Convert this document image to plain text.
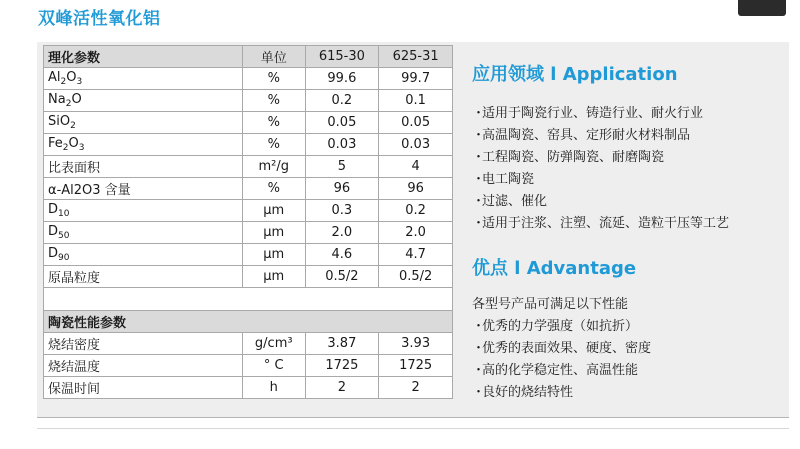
双峰活性氧化铝
理化参数	单位	615-30	625-31
$Al_2O_3$	%	99.6	99.7
$Na_2O$	%	0.2	0.1
SiO$_2$	%	0.05	0.05
$Fe_2O_3$	%	0.03	0.03
比表面积	m²/g	5	4
α-Al2O3 含量	%	96	96
$D_{10}$	μm	0.3	0.2
$D_{50}$	μm	2.0	2.0
$D_{90}$	μm	4.6	4.7
原晶粒度	μm	0.5/2	0.5/2

陶瓷性能参数			
烧结密度	g/cm³	3.87	3.93
烧结温度	° C	1725	1725
保温时间	h	2	2
应用领域 l Application
・适用于陶瓷行业、铸造行业、耐火行业
・高温陶瓷、窑具、定形耐火材料制品
・工程陶瓷、防弹陶瓷、耐磨陶瓷
・电工陶瓷
・过滤、催化
・适用于注浆、注塑、流延、造粒干压等工艺
优点 l Advantage
各型号产品可满足以下性能
・优秀的力学强度（如抗折）
・优秀的表面效果、硬度、密度
・高的化学稳定性、高温性能
・良好的烧结特性
